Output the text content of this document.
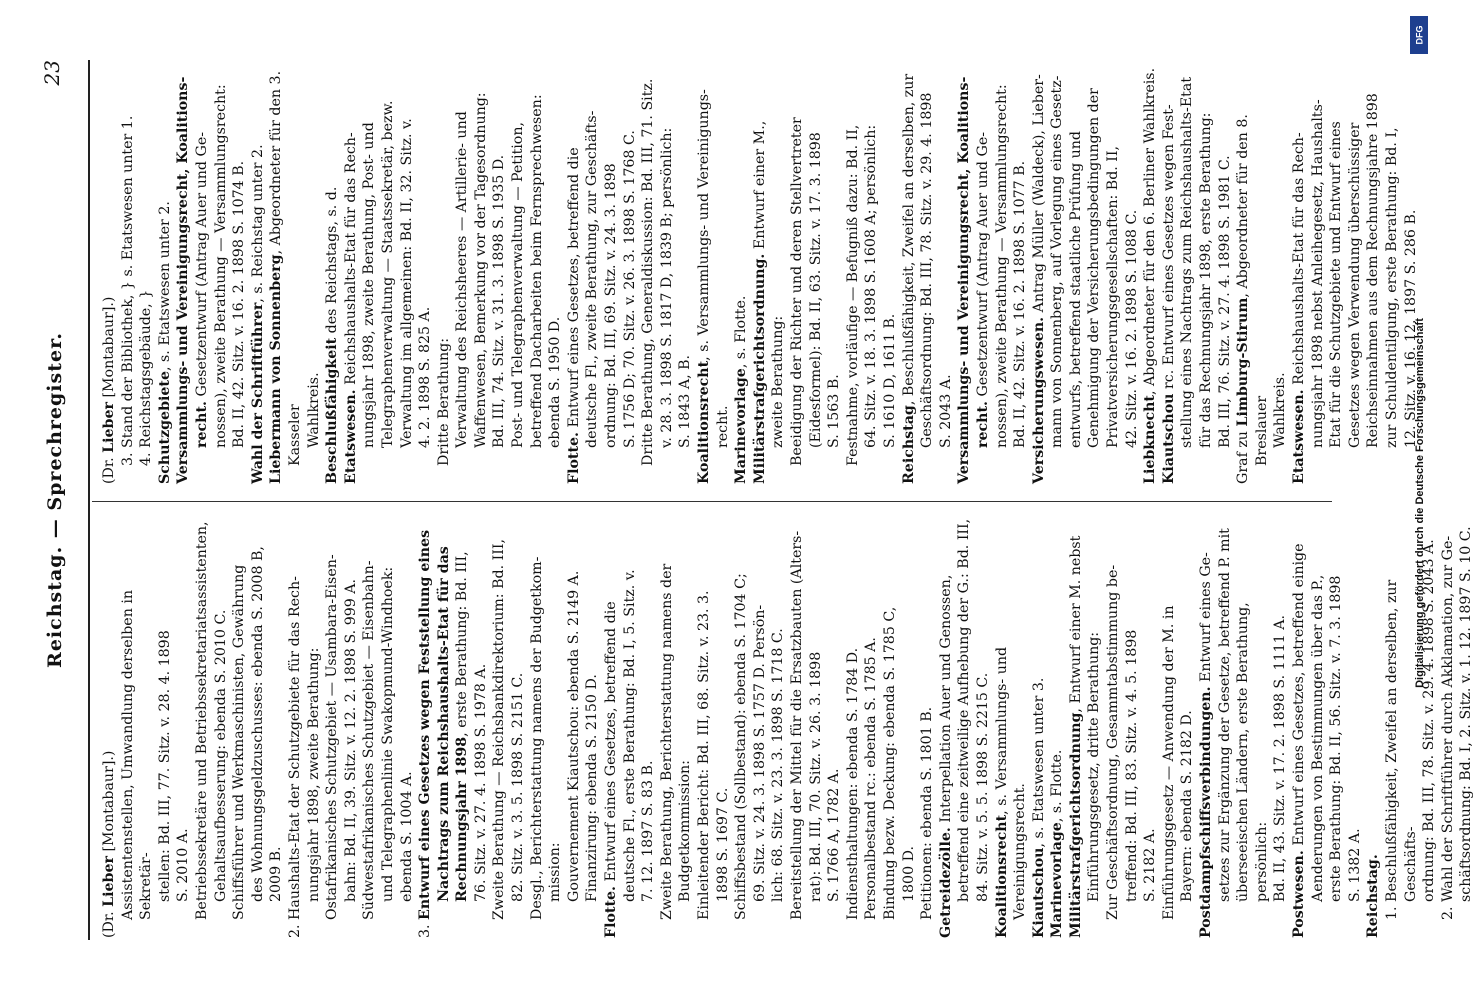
Reichstag. — Sprechregister.
23

(Dr. Lieber [Montabaur].) Assistentenstellen, Umwandlung derselben in Sekretär- stellen: Bd. III, 77. Sitz. v. 28. 4. 1898 S. 2010 A. Betriebssekretäre und Betriebssekretariatsassistenten, Gehaltsaufbesserung: ebenda S. 2010 C. Schiffsführer und Werkmaschinisten, Gewährung des Wohnungsgeldzuschusses: ebenda S. 2008 B, 2009 B. 2. Haushalts-Etat der Schutzgebiete für das Rech- nungsjahr 1898, zweite Berathung: Ostafrikanisches Schutzgebiet — Usambara-Eisen- bahn: Bd. II, 39. Sitz. v. 12. 2. 1898 S. 999 A. Südwestafrikanisches Schutzgebiet — Eisenbahn- und Telegraphenlinie Swakopmund-Windhoek: ebenda S. 1004 A.

3. Entwurf eines Gesetzes wegen Feststellung eines Nachtrags zum Reichshaushalts-Etat für das Rechnungsjahr 1898, erste Berathung: Bd. III,

76. Sitz. v. 27. 4. 1898 S. 1978 A. Zweite Berathung — Reichsbankdirektorium: Bd. III, 82. Sitz. v. 3. 5. 1898 S. 2151 C. Desgl., Berichterstattung namens der Budgetkom- mission: Gouvernement Kiautschou: ebenda S. 2149 A. Finanzirung: ebenda S. 2150 D.

Flotte. Entwurf eines Gesetzes, betreffend die deutsche Fl., erste Berathung: Bd. I, 5. Sitz. v. 7. 12. 1897 S. 83 B. Zweite Berathung, Berichterstattung namens der Budgetkommission: Einleitender Bericht: Bd. III, 68. Sitz. v. 23. 3. 1898 S. 1697 C. Schiffsbestand (Sollbestand): ebenda S. 1704 C; 69. Sitz. v. 24. 3. 1898 S. 1757 D. Persön- lich: 68. Sitz. v. 23. 3. 1898 S. 1718 C. Bereitstellung der Mittel für die Ersatzbauten (Alters- rat): Bd. III, 70. Sitz. v. 26. 3. 1898 S. 1766 A, 1782 A. Indiensthaltungen: ebenda S. 1784 D. Personalbestand rc.: ebenda S. 1785 A. Bindung bezw. Deckung: ebenda S. 1785 C, 1800 D. Petitionen: ebenda S. 1801 B. Getreidezölle. Interpellation Auer und Genossen, betreffend eine zeitweilige Aufhebung der G.: Bd. III, 84. Sitz. v. 5. 5. 1898 S. 2215 C. Koalitionsrecht, s. Versammlungs- und Vereinigungsrecht. Kiautschou, s. Etatswesen unter 3.

Marinevorlage, s. Flotte. Militärstrafgerichtsordnung, Entwurf einer M. nebst

Einführungsgesetz, dritte Berathung: Zur Geschäftsordnung, Gesammtabstimmung be- treffend: Bd. III, 83. Sitz. v. 4. 5. 1898 S. 2182 A. Einführungsgesetz — Anwendung der M. in Bayern: ebenda S. 2182 D. Postdampfschiffsverbindungen. Entwurf eines Ge- setzes zur Ergänzung der Gesetze, betreffend P. mit überseeischen Ländern, erste Berathung, persönlich: Bd. II, 43. Sitz. v. 17. 2. 1898 S. 1111 A. Postwesen. Entwurf eines Gesetzes, betreffend einige Aenderungen von Bestimmungen über das P., erste Berathung: Bd. II, 56. Sitz. v. 7. 3. 1898 S. 1382 A. Reichstag. 1. Beschlußfähigkeit, Zweifel an derselben, zur Geschäfts- ordnung: Bd. III, 78. Sitz. v. 29. 4. 1898 S. 2043 A. 2. Wahl der Schriftführer durch Akklamation, zur Ge- schäftsordnung: Bd. I, 2. Sitz. v. 1. 12. 1897 S. 10 C.

(Dr. Lieber [Montabaur].) 3. Stand der Bibliothek, } s. Etatswesen unter 1. 4. Reichstagsgebäude, } Schutzgebiete, s. Etatswesen unter 2. Versammlungs- und Vereinigungsrecht, Koalitions- recht. Gesetzentwurf (Antrag Auer und Ge- nossen), zweite Berathung — Versammlungsrecht: Bd. II, 42. Sitz. v. 16. 2. 1898 S. 1074 B. Wahl der Schriftführer, s. Reichstag unter 2.

Liebermann von Sonnenberg, Abgeordneter für den 3. Kasseler Wahlkreis. Beschlußfähigkeit des Reichstags, s. d.

Etatswesen. Reichshaushalts-Etat für das Rech- nungsjahr 1898, zweite Berathung, Post- und Telegraphenverwaltung — Staatssekretär, bezw. Verwaltung im allgemeinen: Bd. II, 32. Sitz. v. 4. 2. 1898 S. 825 A. Dritte Berathung: Verwaltung des Reichsheeres — Artillerie- und Waffenwesen, Bemerkung vor der Tagesordnung: Bd. III, 74. Sitz. v. 31. 3. 1898 S. 1935 D. Post- und Telegraphenverwaltung — Petition, betreffend Dacharbeiten beim Fernsprechwesen: ebenda S. 1950 D.

Flotte. Entwurf eines Gesetzes, betreffend die deutsche Fl., zweite Berathung, zur Geschäfts- ordnung: Bd. III, 69. Sitz. v. 24. 3. 1898 S. 1756 D; 70. Sitz. v. 26. 3. 1898 S. 1768 C. Dritte Berathung, Generaldiskussion: Bd. III, 71. Sitz. v. 28. 3. 1898 S. 1817 D, 1839 B; persönlich: S. 1843 A, B. Koalitionsrecht, s. Versammlungs- und Vereinigungs-

recht. Marinevorlage, s. Flotte. Militärstrafgerichtsordnung. Entwurf einer M.,

zweite Berathung: Beeidigung der Richter und deren Stellvertreter (Eidesformel): Bd. II, 63. Sitz. v. 17. 3. 1898 S. 1563 B. Festnahme, vorläufige — Befugniß dazu: Bd. II, 64. Sitz. v. 18. 3. 1898 S. 1608 A; persönlich: S. 1610 D, 1611 B. Reichstag, Beschlußfähigkeit, Zweifel an derselben, zur Geschäftsordnung: Bd. III, 78. Sitz. v. 29. 4. 1898 S. 2043 A. Versammlungs- und Vereinigungsrecht, Koalitions- recht. Gesetzentwurf (Antrag Auer und Ge- nossen), zweite Berathung — Versammlungsrecht: Bd. II, 42. Sitz. v. 16. 2. 1898 S. 1077 B. Versicherungswesen. Antrag Müller (Waldeck), Lieber- mann von Sonnenberg, auf Vorlegung eines Gesetz- entwurfs, betreffend staatliche Prüfung und Genehmigung der Versicherungsbedingungen der Privatversicherungsgesellschaften: Bd. II, 42. Sitz. v. 16. 2. 1898 S. 1088 C. Liebknecht, Abgeordneter für den 6. Berliner Wahlkreis.

Kiautschou rc. Entwurf eines Gesetzes wegen Fest- stellung eines Nachtrags zum Reichshaushalts-Etat für das Rechnungsjahr 1898, erste Berathung: Bd. III, 76. Sitz. v. 27. 4. 1898 S. 1981 C.

Graf zu Limburg-Stirum, Abgeordneter für den 8. Breslauer Wahlkreis. Etatswesen. Reichshaushalts-Etat für das Rech- nungsjahr 1898 nebst Anleihegesetz, Haushalts- Etat für die Schutzgebiete und Entwurf eines Gesetzes wegen Verwendung überschüssiger Reichseinnahmen aus dem Rechnungsjahre 1898 zur Schuldentilgung, erste Berathung: Bd. I, 12. Sitz. v. 16. 12. 1897 S. 286 B.

DFG
Digitalisierung gefördert durch die Deutsche Forschungsgemeinschaft
